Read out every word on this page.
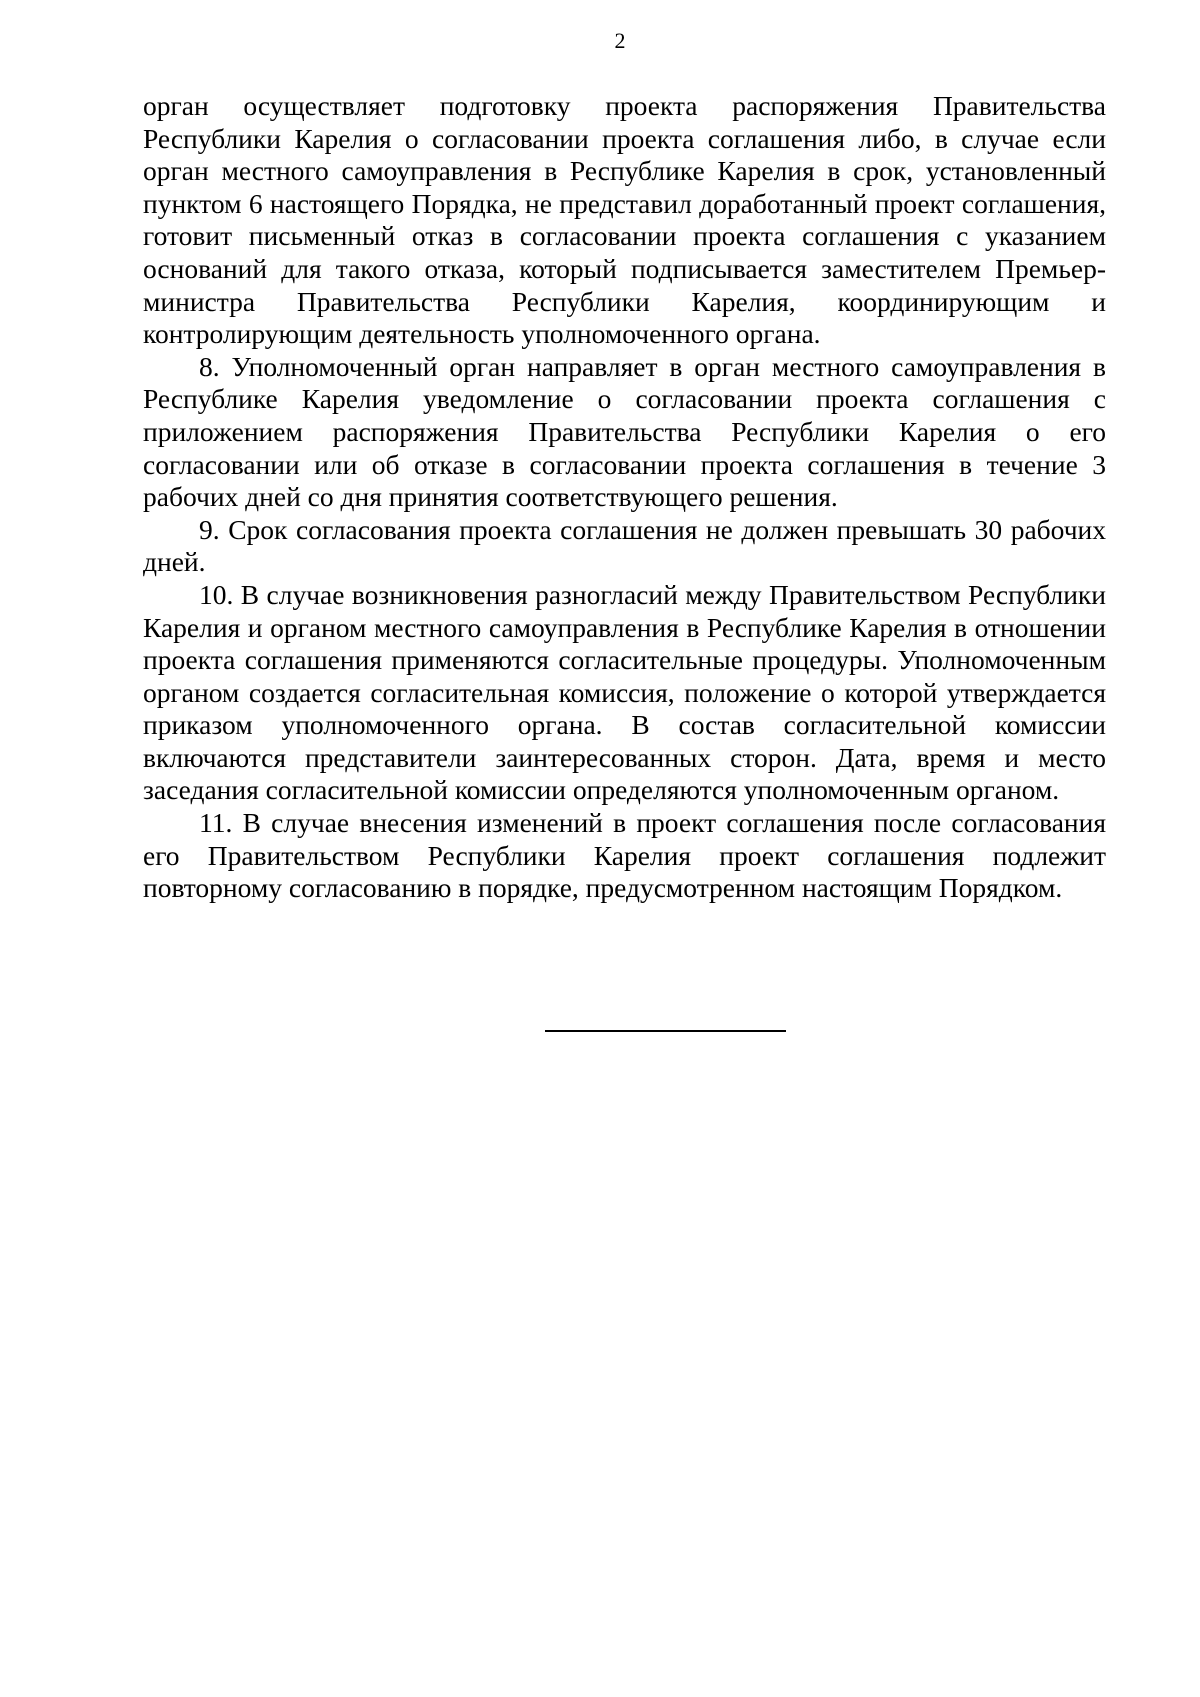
2

орган осуществляет подготовку проекта распоряжения Правительства Республики Карелия о согласовании проекта соглашения либо, в случае если орган местного самоуправления в Республике Карелия в срок, установленный пунктом 6 настоящего Порядка, не представил доработанный проект соглашения, готовит письменный отказ в согласовании проекта соглашения с указанием оснований для такого отказа, который подписывается заместителем Премьер-министра Правительства Республики Карелия, координирующим и контролирующим деятельность уполномоченного органа.

8. Уполномоченный орган направляет в орган местного самоуправления в Республике Карелия уведомление о согласовании проекта соглашения с приложением распоряжения Правительства Республики Карелия о его согласовании или об отказе в согласовании проекта соглашения в течение 3 рабочих дней со дня принятия соответствующего решения.

9. Срок согласования проекта соглашения не должен превышать 30 рабочих дней.

10. В случае возникновения разногласий между Правительством Республики Карелия и органом местного самоуправления в Республике Карелия в отношении проекта соглашения применяются согласительные процедуры. Уполномоченным органом создается согласительная комиссия, положение о которой утверждается приказом уполномоченного органа. В состав согласительной комиссии включаются представители заинтересованных сторон. Дата, время и место заседания согласительной комиссии определяются уполномоченным органом.

11. В случае внесения изменений в проект соглашения после согласования его Правительством Республики Карелия проект соглашения подлежит повторному согласованию в порядке, предусмотренном настоящим Порядком.
